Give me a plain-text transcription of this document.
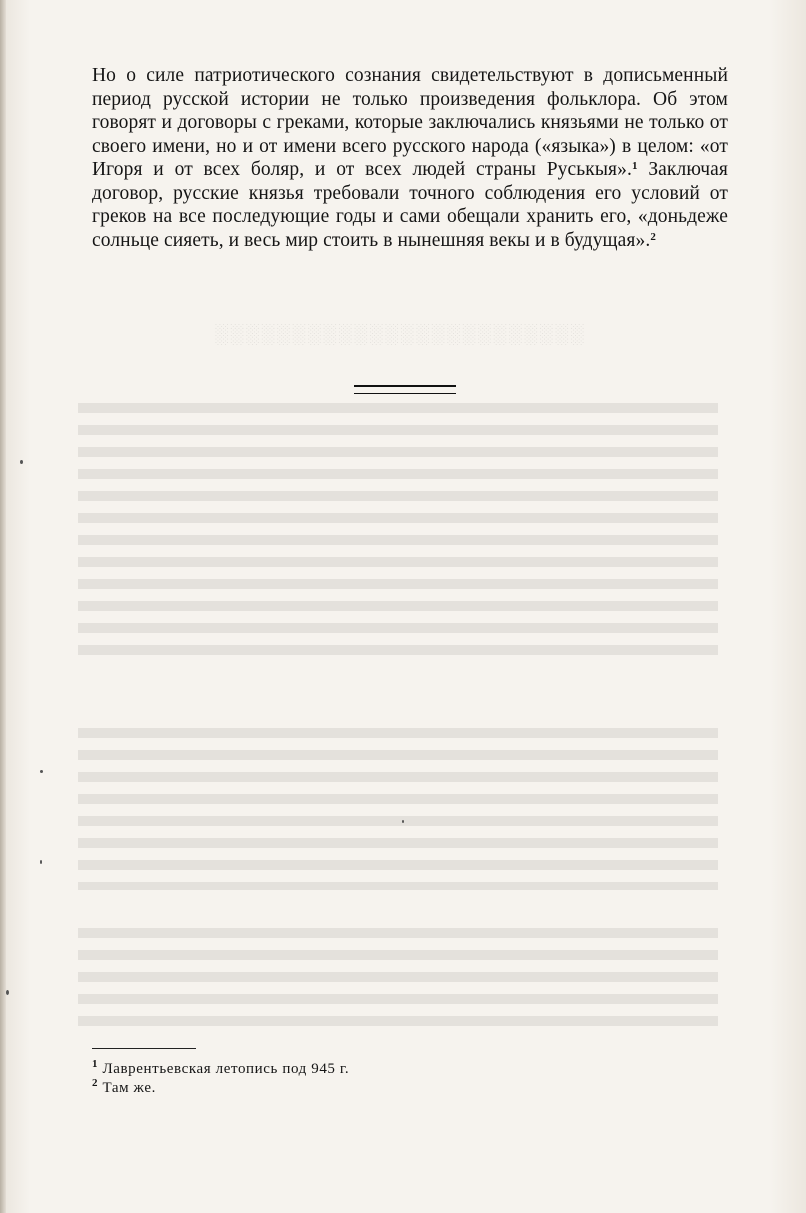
░░░░░░░░░░░░░░░░░░░░░░░░
Но о силе патриотического сознания свидетельствуют в дописьменный период русской истории не только произведения фольклора. Об этом говорят и договоры с греками, которые заключались князьями не только от своего имени, но и от имени всего русского народа («языка») в целом: «от Игоря и от всех боляр, и от всех людей страны Руськыя».$^1$ Заключая договор, русские князья требовали точного соблюдения его условий от греков на все последующие годы и сами обещали хранить его, «доньдеже солньце сияеть, и весь мир стоить в нынешняя векы и в будущая».$^2$
$^1$ Лаврентьевская летопись под 945 г.
$^2$ Там же.
